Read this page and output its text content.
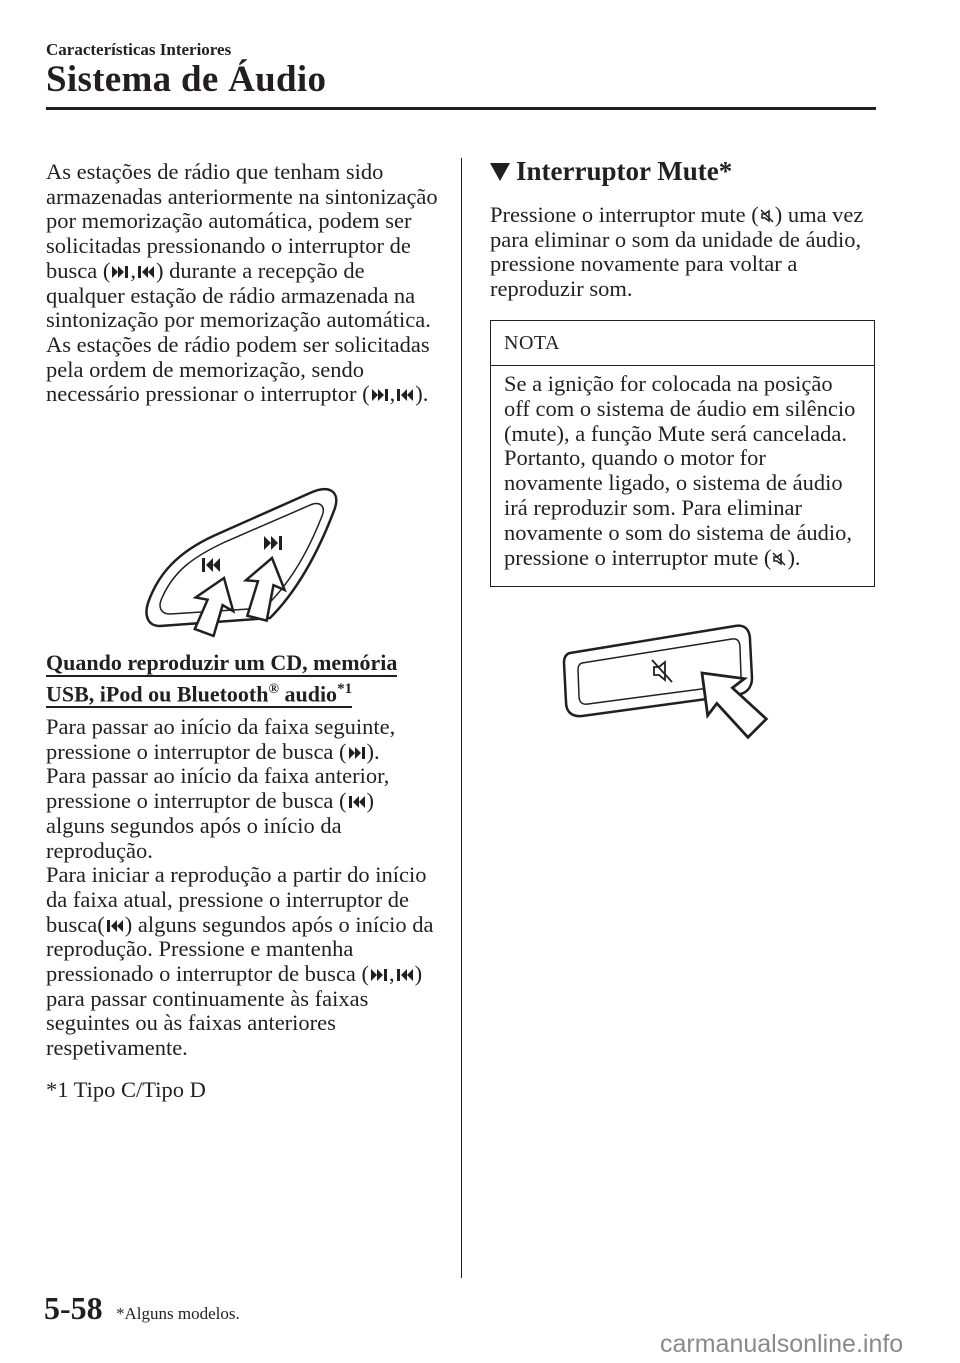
Características Interiores
Sistema de Áudio

As estações de rádio que tenham sido armazenadas anteriormente na sintonização por memorização automática, podem ser solicitadas pressionando o interruptor de busca ( , ) durante a recepção de qualquer estação de rádio armazenada na sintonização por memorização automática. As estações de rádio podem ser solicitadas pela ordem de memorização, sendo necessário pressionar o interruptor ( , ).

Quando reproduzir um CD, memória
USB, iPod ou Bluetooth® audio$^{*1}$

Para passar ao início da faixa seguinte, pressione o interruptor de busca ( ).

Para passar ao início da faixa anterior, pressione o interruptor de busca ( ) alguns segundos após o início da reprodução.

Para iniciar a reprodução a partir do início da faixa atual, pressione o interruptor de busca( ) alguns segundos após o início da reprodução. Pressione e mantenha pressionado o interruptor de busca ( , ) para passar continuamente às faixas seguintes ou às faixas anteriores respetivamente.

*1 Tipo C/Tipo D
Interruptor Mute*

Pressione o interruptor mute ( ) uma vez para eliminar o som da unidade de áudio, pressione novamente para voltar a reproduzir som.

NOTA
Se a ignição for colocada na posição off com o sistema de áudio em silêncio (mute), a função Mute será cancelada. Portanto, quando o motor for novamente ligado, o sistema de áudio irá reproduzir som. Para eliminar novamente o som do sistema de áudio, pressione o interruptor mute ( ).
5-58 *Alguns modelos.
carmanualsonline.info
